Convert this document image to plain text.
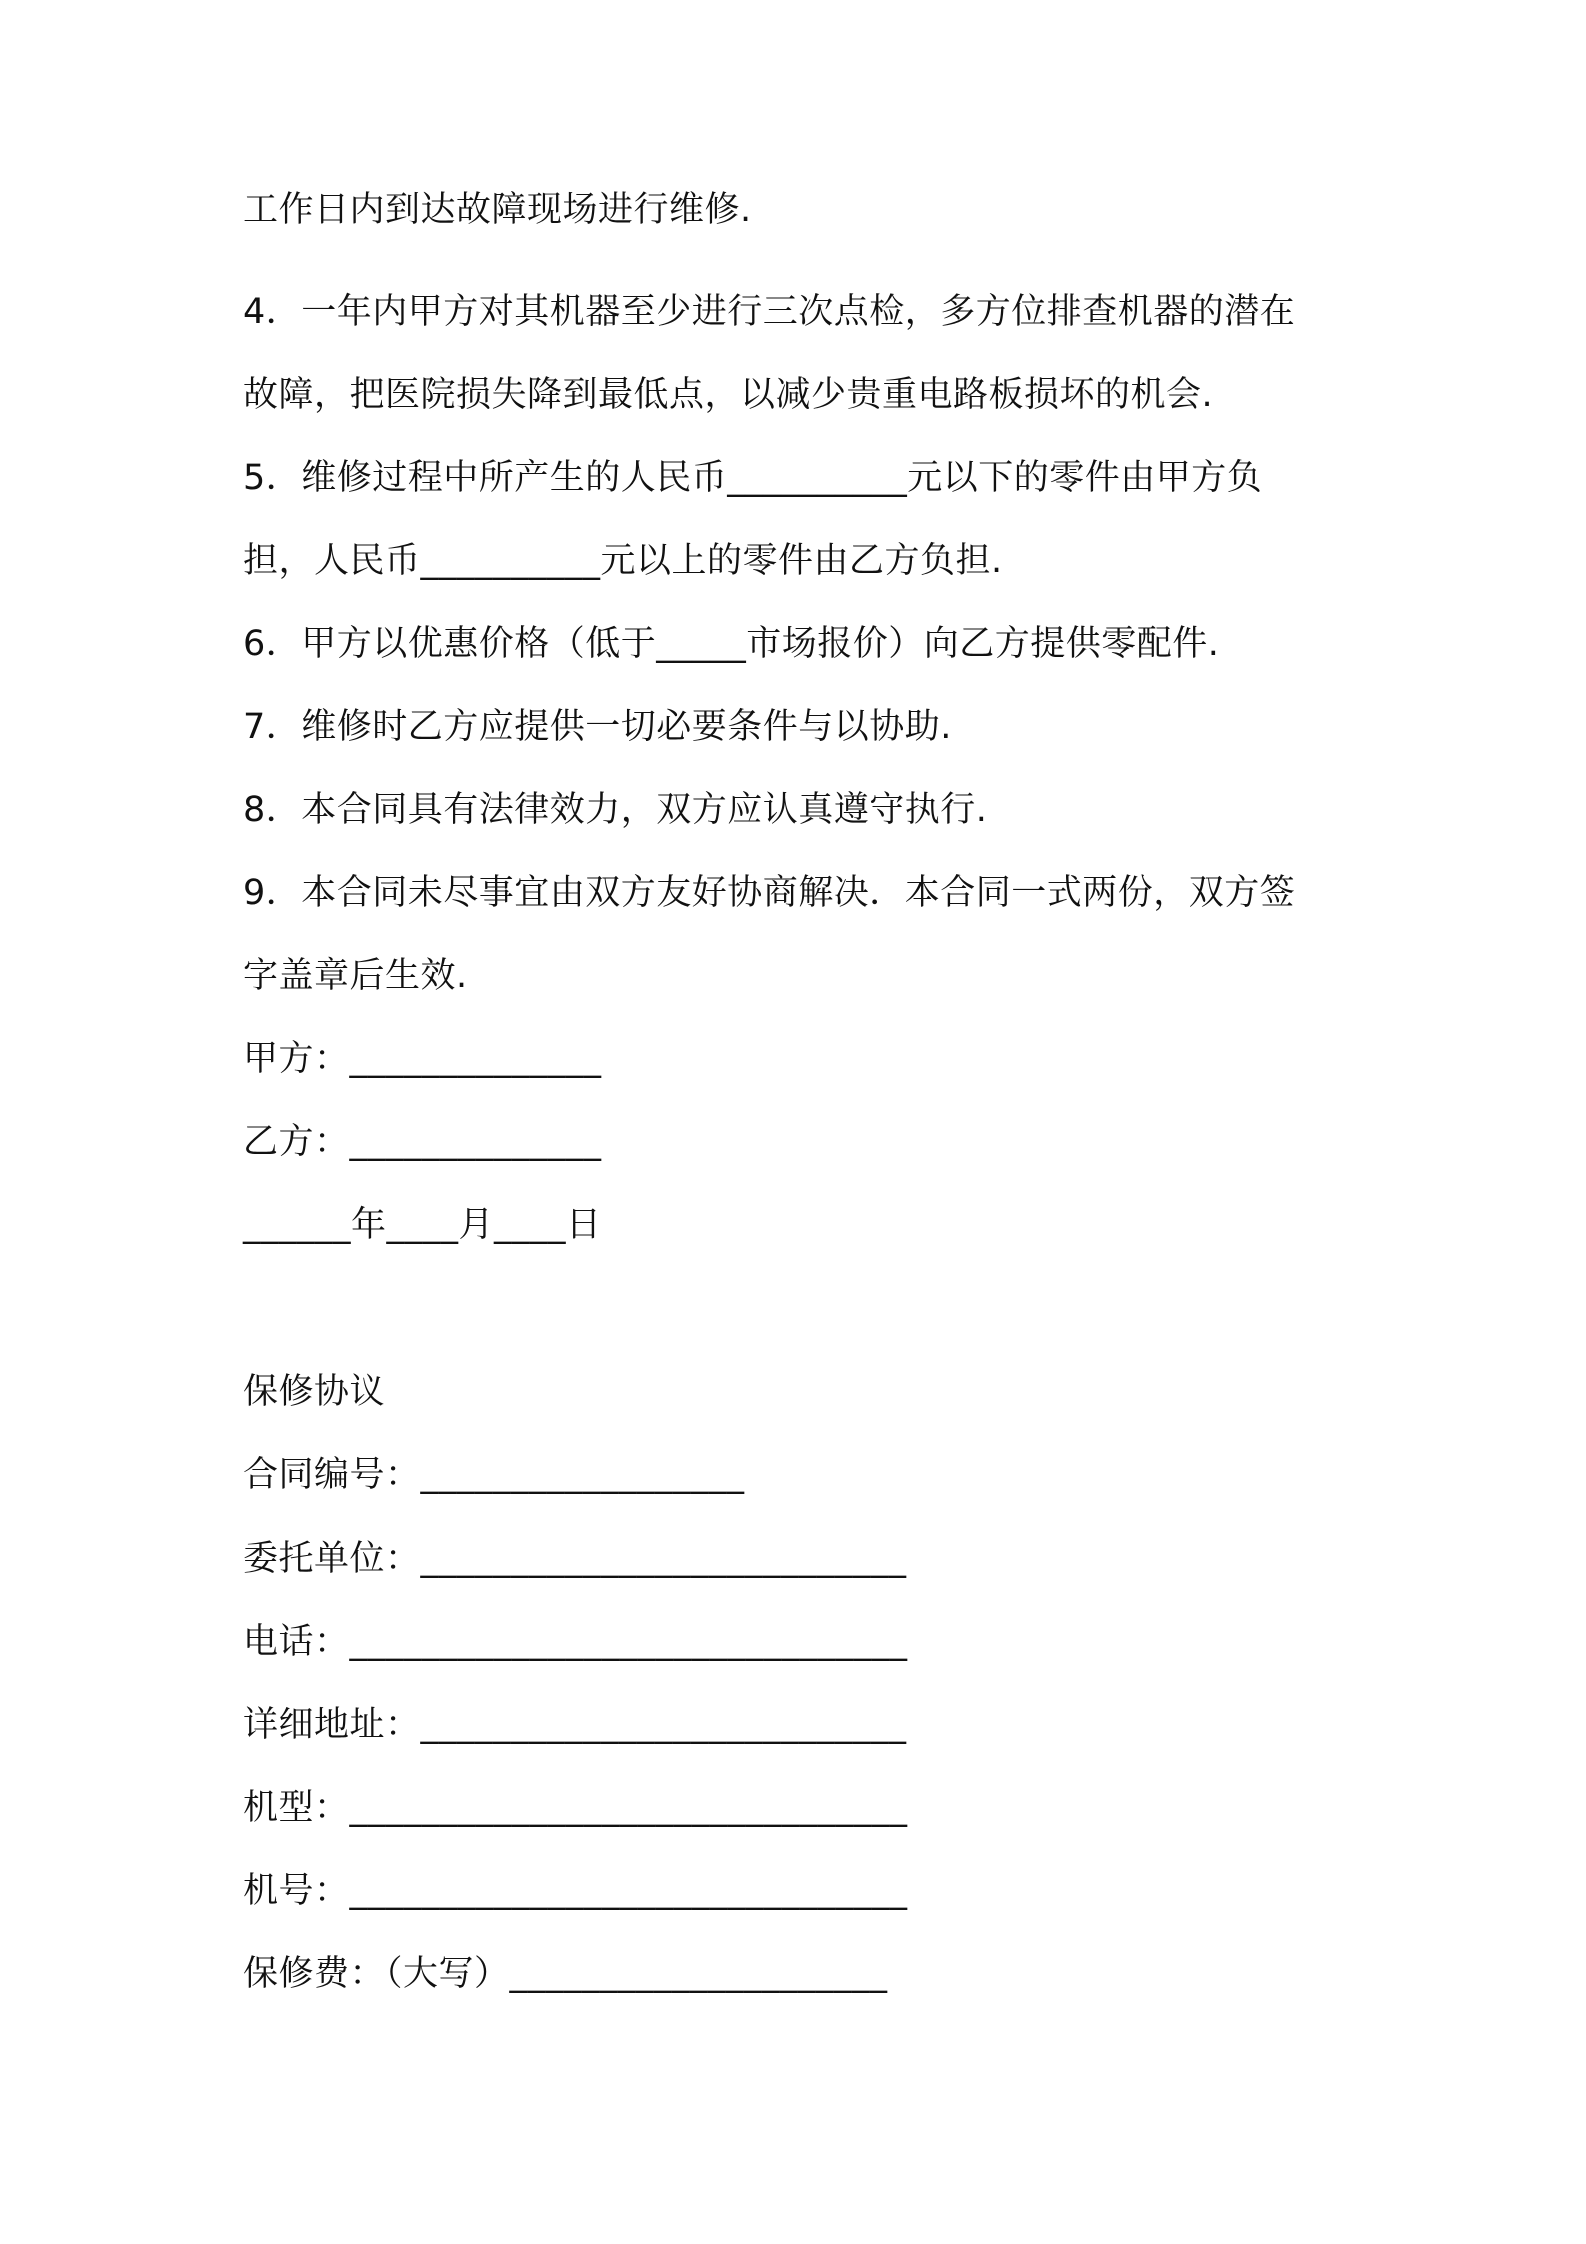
工作日内到达故障现场进行维修.
4．一年内甲方对其机器至少进行三次点检，多方位排查机器的潜在
故障，把医院损失降到最低点，以减少贵重电路板损坏的机会.
5．维修过程中所产生的人民币__________元以下的零件由甲方负
担，人民币__________元以上的零件由乙方负担.
6．甲方以优惠价格（低于_____市场报价）向乙方提供零配件.
7．维修时乙方应提供一切必要条件与以协助.
8．本合同具有法律效力，双方应认真遵守执行.
9．本合同未尽事宜由双方友好协商解决．本合同一式两份，双方签
字盖章后生效.
甲方：______________
乙方：______________
______年____月____日
保修协议
合同编号：__________________
委托单位：___________________________
电话：_______________________________
详细地址：___________________________
机型：_______________________________
机号：_______________________________
保修费：（大写）_____________________
